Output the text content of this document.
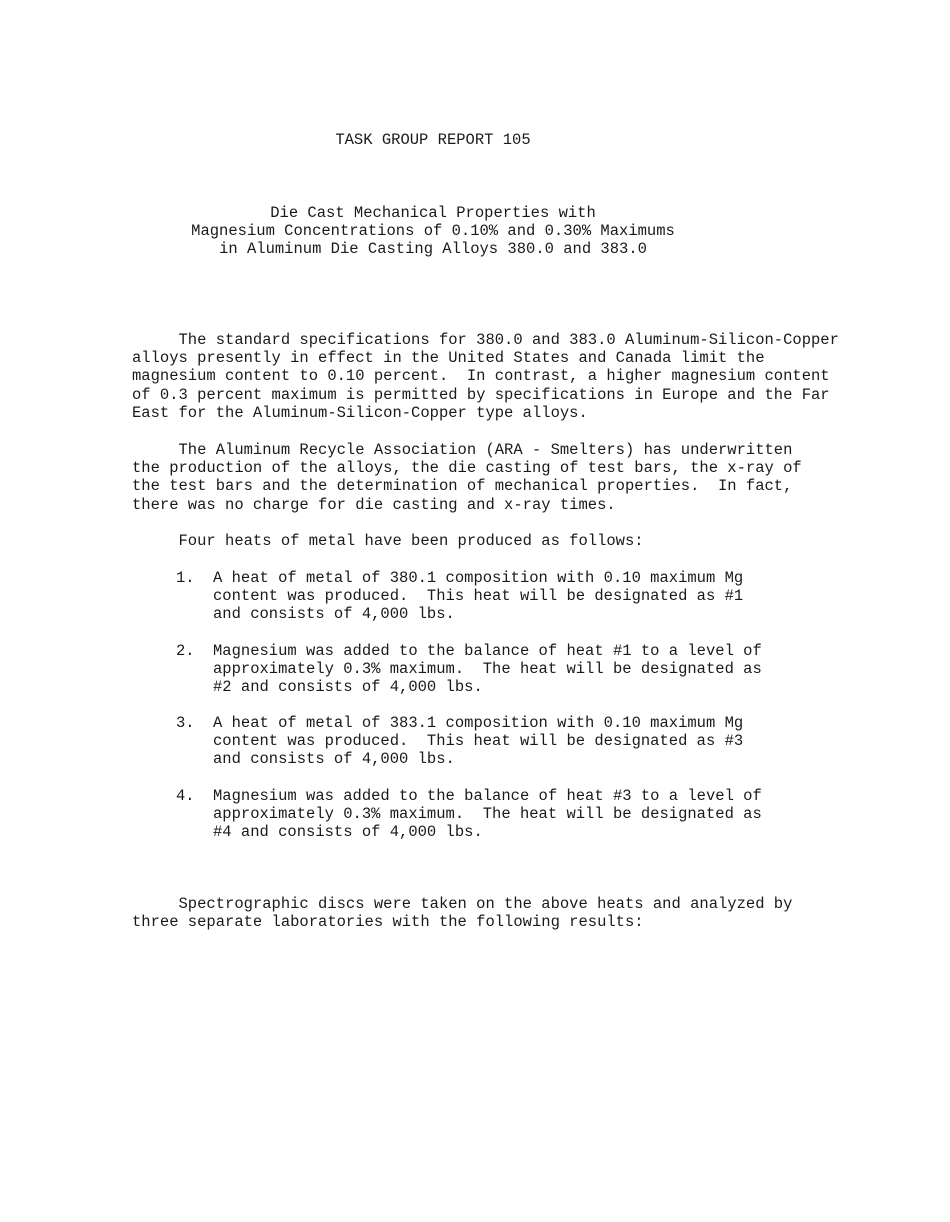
TASK GROUP REPORT 105
Die Cast Mechanical Properties with
Magnesium Concentrations of 0.10% and 0.30% Maximums
in Aluminum Die Casting Alloys 380.0 and 383.0
The standard specifications for 380.0 and 383.0 Aluminum-Silicon-Copper
alloys presently in effect in the United States and Canada limit the
magnesium content to 0.10 percent.  In contrast, a higher magnesium content
of 0.3 percent maximum is permitted by specifications in Europe and the Far
East for the Aluminum-Silicon-Copper type alloys.
The Aluminum Recycle Association (ARA - Smelters) has underwritten
the production of the alloys, the die casting of test bars, the x-ray of
the test bars and the determination of mechanical properties.  In fact,
there was no charge for die casting and x-ray times.
Four heats of metal have been produced as follows:
1. A heat of metal of 380.1 composition with 0.10 maximum Mg
content was produced.  This heat will be designated as #1
and consists of 4,000 lbs.
2. Magnesium was added to the balance of heat #1 to a level of
approximately 0.3% maximum.  The heat will be designated as
#2 and consists of 4,000 lbs.
3. A heat of metal of 383.1 composition with 0.10 maximum Mg
content was produced.  This heat will be designated as #3
and consists of 4,000 lbs.
4. Magnesium was added to the balance of heat #3 to a level of
approximately 0.3% maximum.  The heat will be designated as
#4 and consists of 4,000 lbs.
Spectrographic discs were taken on the above heats and analyzed by
three separate laboratories with the following results:
